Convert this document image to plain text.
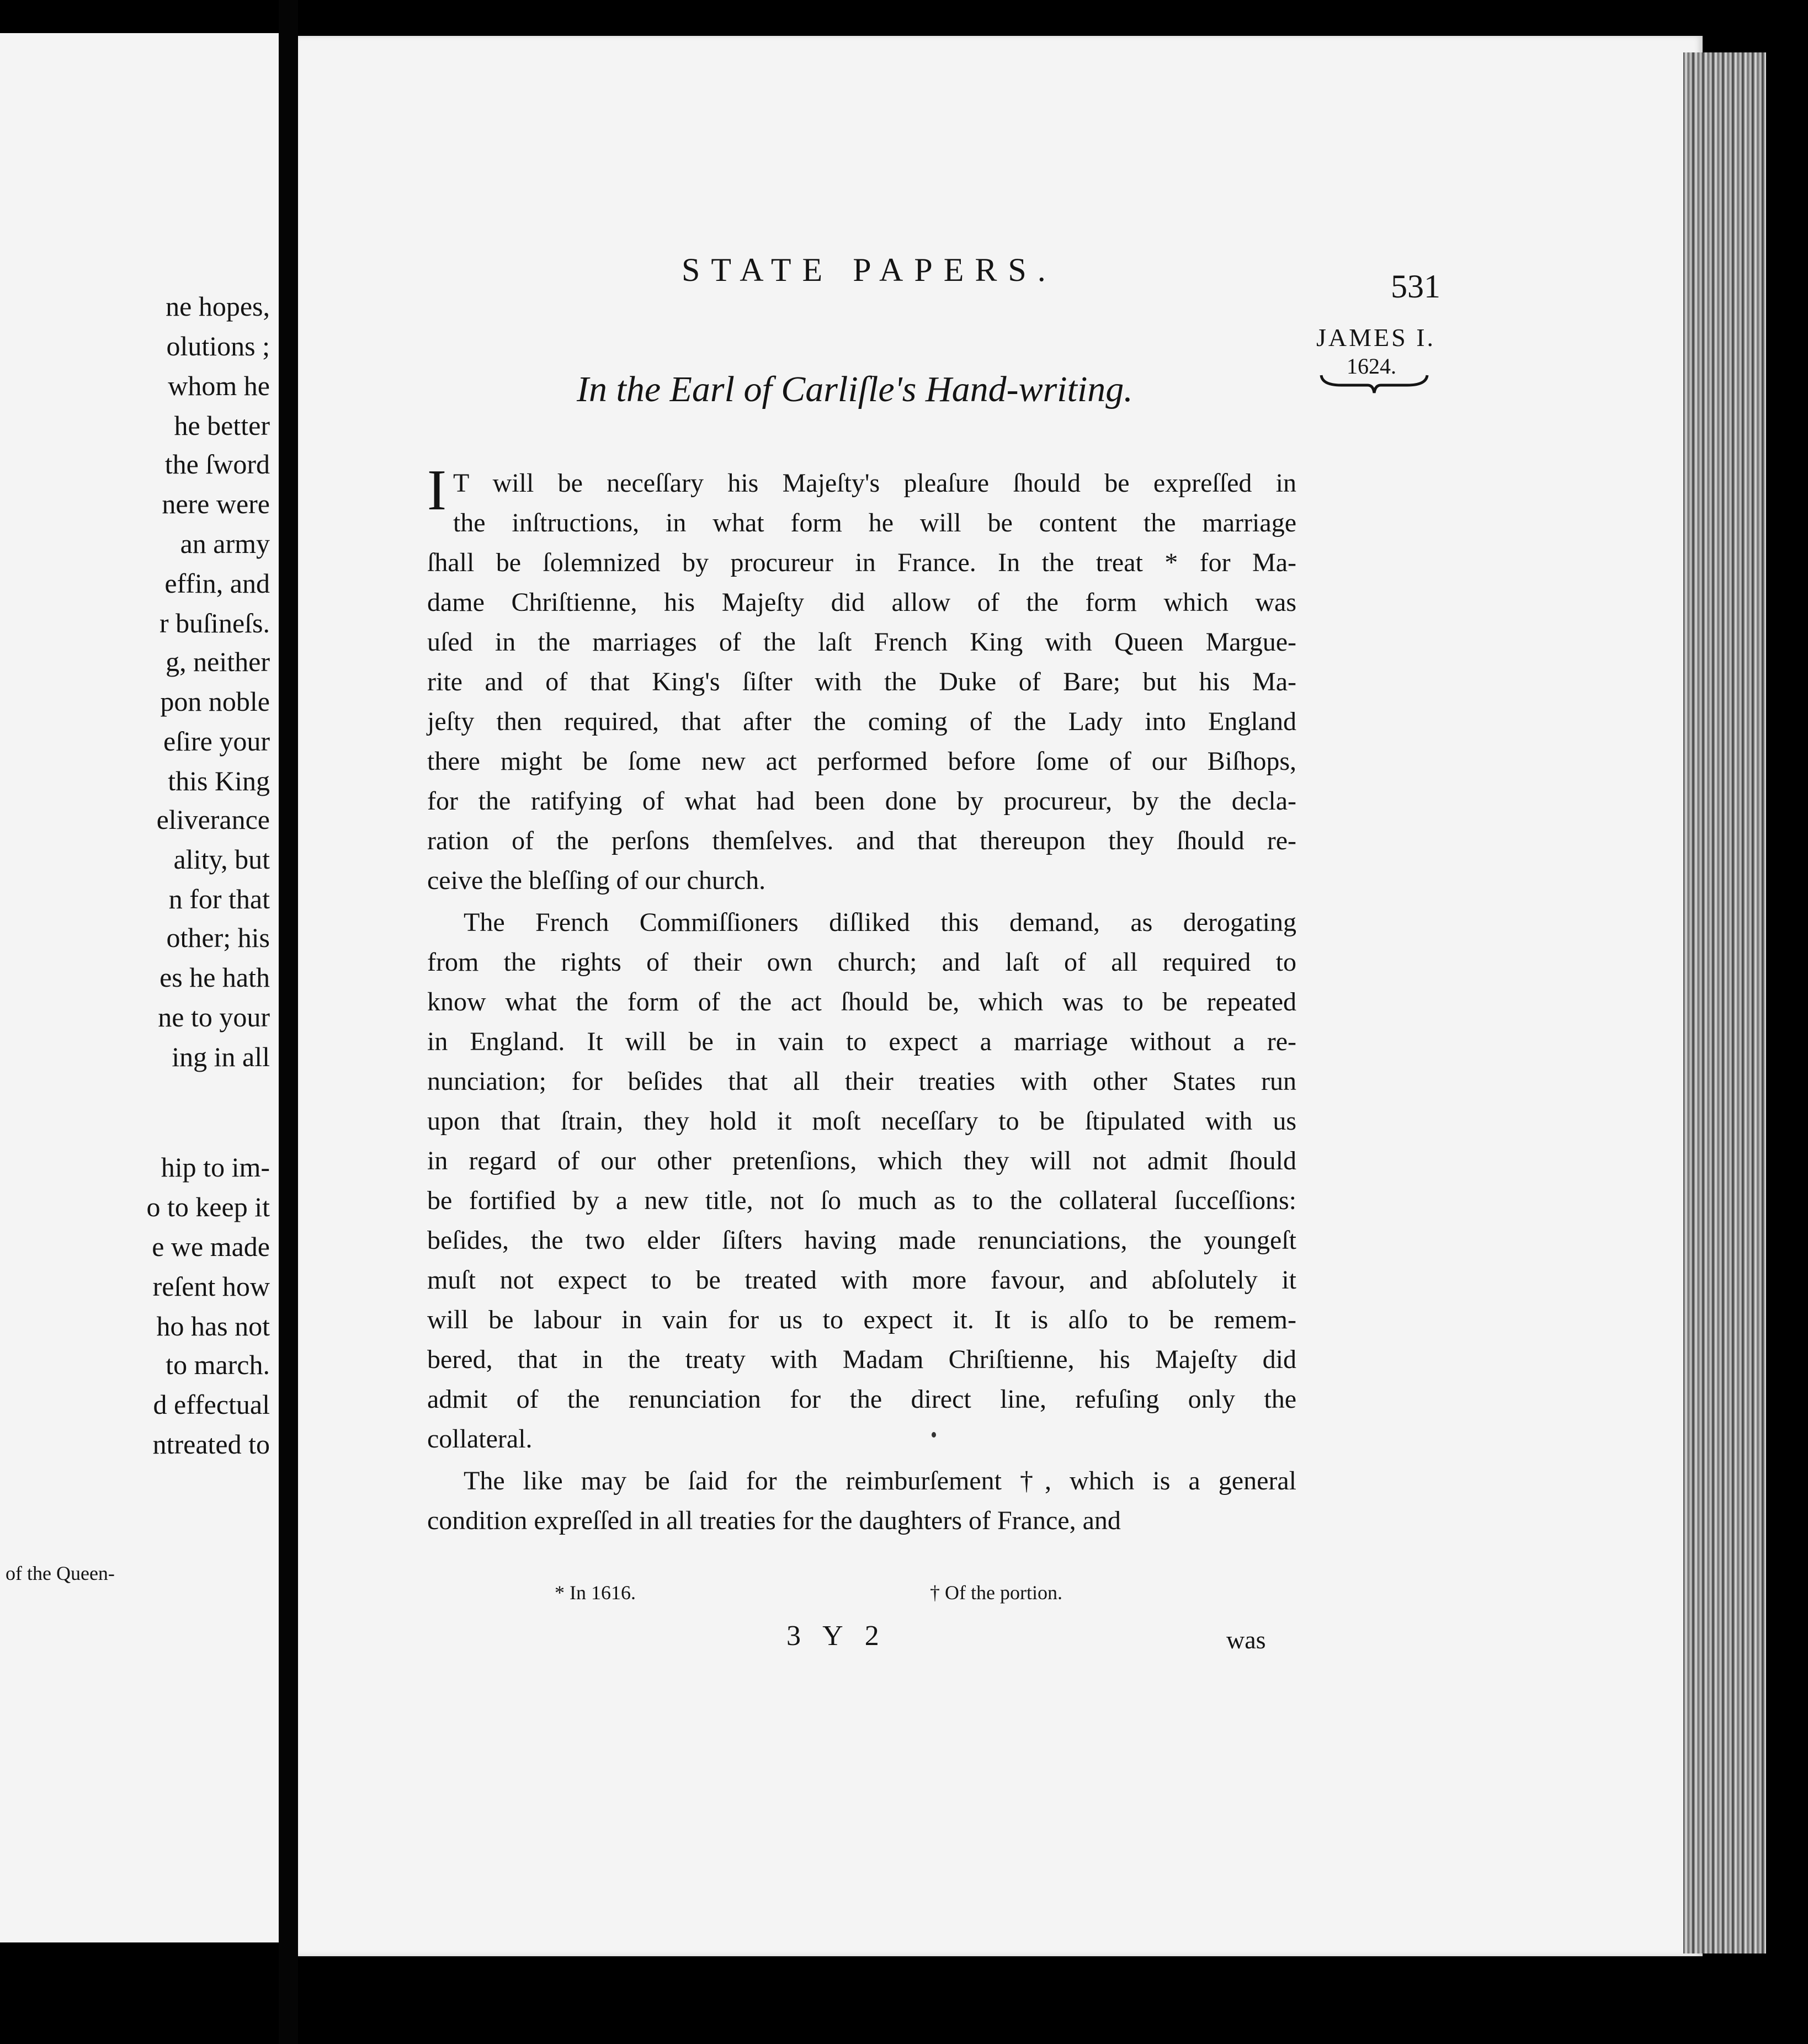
ne hopes,
olutions ;
whom he
he better
the ſword
nere were
an army
effin, and
r buſineſs.
g, neither
pon noble
eſire your
this King
eliverance
ality, but
n for that
other; his
es he hath
ne to your
ing in all
hip to im-
o to keep it
e we made
reſent how
ho has not
to march.
d effectual
ntreated to
of the Queen-
STATE PAPERS.	531
JAMES I.
1624.
In the Earl of Carliſle's Hand-writing.

I T will be neceſſary his Majeſty's pleaſure ſhould be expreſſed in
the inſtructions, in what form he will be content the marriage
ſhall be ſolemnized by procureur in France. In the treat * for Ma-
dame Chriſtienne, his Majeſty did allow of the form which was
uſed in the marriages of the laſt French King with Queen Margue-
rite and of that King's ſiſter with the Duke of Bare; but his Ma-
jeſty then required, that after the coming of the Lady into England
there might be ſome new act performed before ſome of our Biſhops,
for the ratifying of what had been done by procureur, by the decla-
ration of the perſons themſelves. and that thereupon they ſhould re-
ceive the bleſſing of our church.

The French Commiſſioners diſliked this demand, as derogating
from the rights of their own church; and laſt of all required to
know what the form of the act ſhould be, which was to be repeated
in England. It will be in vain to expect a marriage without a re-
nunciation; for beſides that all their treaties with other States run
upon that ſtrain, they hold it moſt neceſſary to be ſtipulated with us
in regard of our other pretenſions, which they will not admit ſhould
be fortified by a new title, not ſo much as to the collateral ſucceſſions:
beſides, the two elder ſiſters having made renunciations, the youngeſt
muſt not expect to be treated with more favour, and abſolutely it
will be labour in vain for us to expect it. It is alſo to be remem-
bered, that in the treaty with Madam Chriſtienne, his Majeſty did
admit of the renunciation for the direct line, refuſing only the
collateral.

The like may be ſaid for the reimburſement †, which is a general
condition expreſſed in all treaties for the daughters of France, and

* In 1616.	† Of the portion.
3 Y 2	was
